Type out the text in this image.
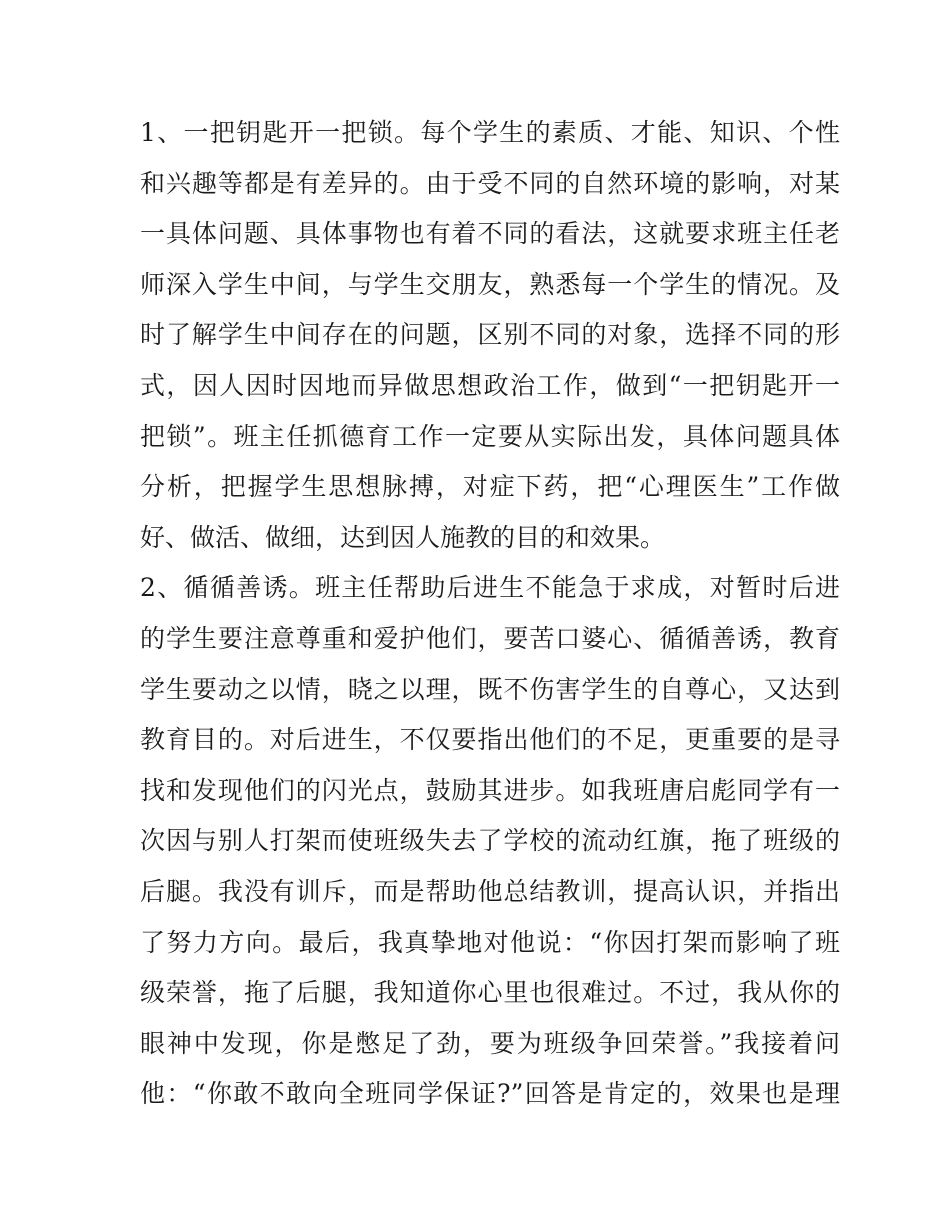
1、一把钥匙开一把锁。每个学生的素质、才能、知识、个性
和兴趣等都是有差异的。由于受不同的自然环境的影响，对某
一具体问题、具体事物也有着不同的看法，这就要求班主任老
师深入学生中间，与学生交朋友，熟悉每一个学生的情况。及
时了解学生中间存在的问题，区别不同的对象，选择不同的形
式，因人因时因地而异做思想政治工作，做到“一把钥匙开一
把锁”。班主任抓德育工作一定要从实际出发，具体问题具体
分析，把握学生思想脉搏，对症下药，把“心理医生”工作做
好、做活、做细，达到因人施教的目的和效果。
2、循循善诱。班主任帮助后进生不能急于求成，对暂时后进
的学生要注意尊重和爱护他们，要苦口婆心、循循善诱，教育
学生要动之以情，晓之以理，既不伤害学生的自尊心，又达到
教育目的。对后进生，不仅要指出他们的不足，更重要的是寻
找和发现他们的闪光点，鼓励其进步。如我班唐启彪同学有一
次因与别人打架而使班级失去了学校的流动红旗，拖了班级的
后腿。我没有训斥，而是帮助他总结教训，提高认识，并指出
了努力方向。最后，我真挚地对他说：“你因打架而影响了班
级荣誉，拖了后腿，我知道你心里也很难过。不过，我从你的
眼神中发现，你是憋足了劲，要为班级争回荣誉。”我接着问
他：“你敢不敢向全班同学保证?”回答是肯定的，效果也是理
